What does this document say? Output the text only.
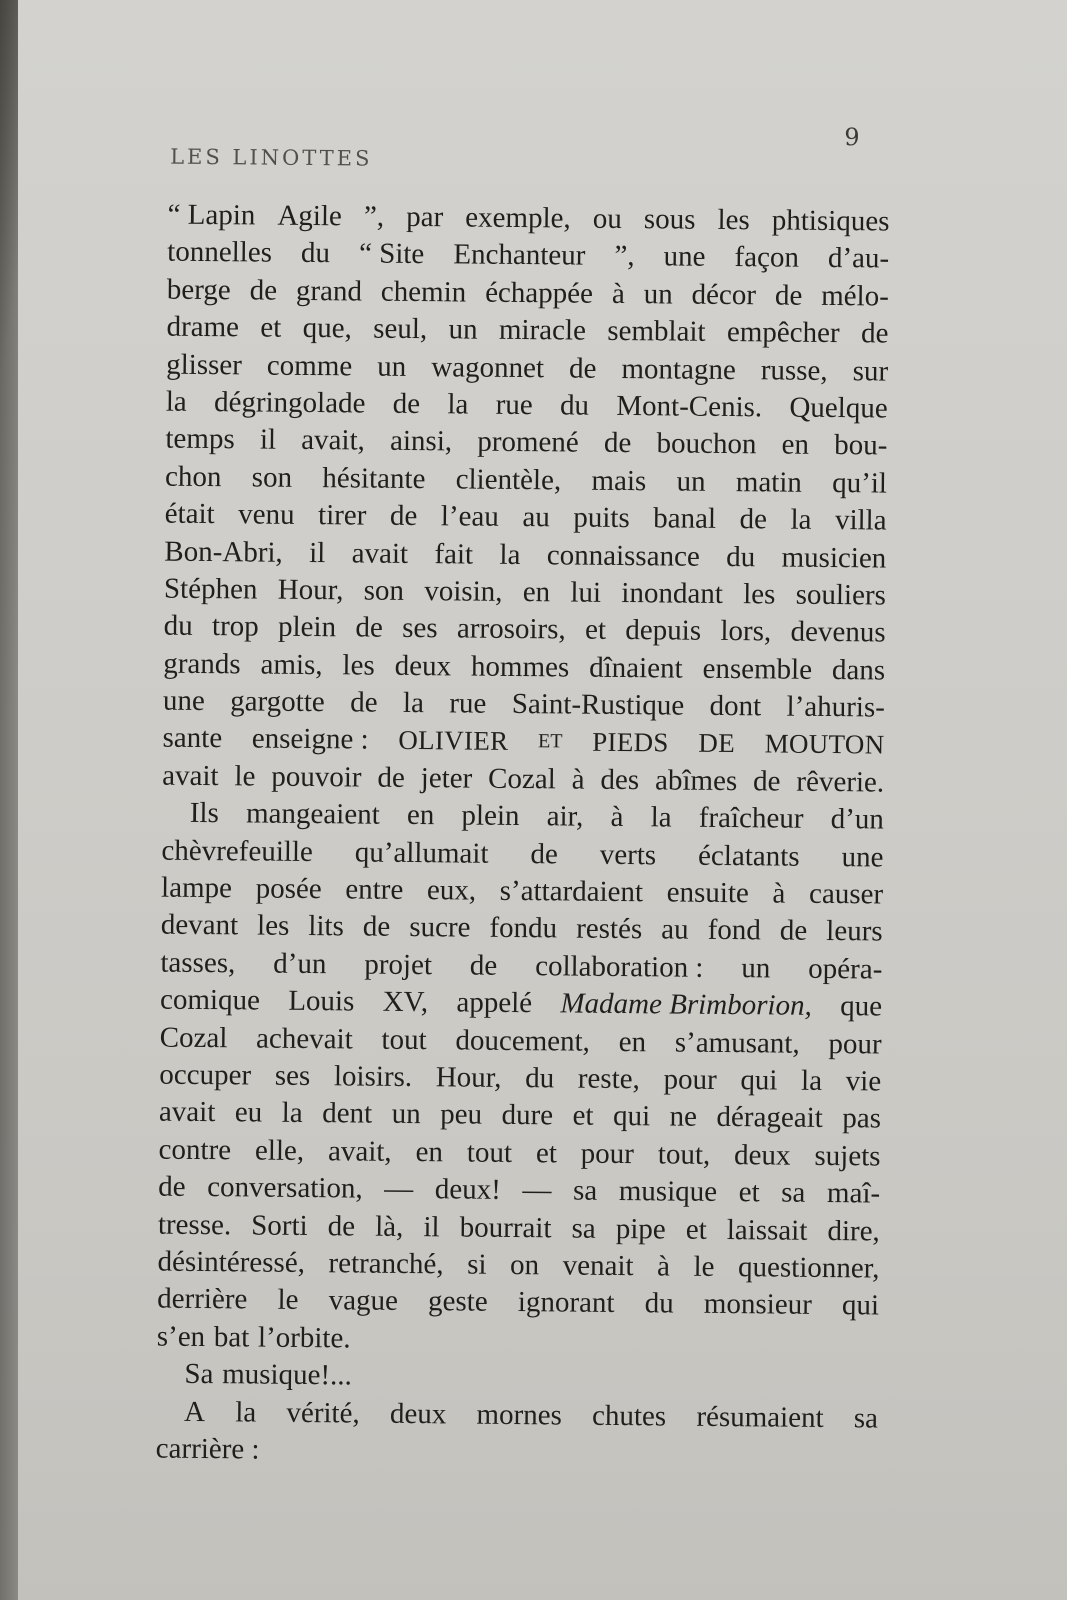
LES LINOTTES
9
“ Lapin Agile ”, par exemple, ou sous les phtisiques
tonnelles du “ Site Enchanteur ”, une façon d’au-
berge de grand chemin échappée à un décor de mélo-
drame et que, seul, un miracle semblait empêcher de
glisser comme un wagonnet de montagne russe, sur
la dégringolade de la rue du Mont-Cenis. Quelque
temps il avait, ainsi, promené de bouchon en bou-
chon son hésitante clientèle, mais un matin qu’il
était venu tirer de l’eau au puits banal de la villa
Bon-Abri, il avait fait la connaissance du musicien
Stéphen Hour, son voisin, en lui inondant les souliers
du trop plein de ses arrosoirs, et depuis lors, devenus
grands amis, les deux hommes dînaient ensemble dans
une gargotte de la rue Saint-Rustique dont l’ahuris-
sante enseigne : OLIVIER ET PIEDS DE MOUTON
avait le pouvoir de jeter Cozal à des abîmes de rêverie.
Ils mangeaient en plein air, à la fraîcheur d’un
chèvrefeuille qu’allumait de verts éclatants une
lampe posée entre eux, s’attardaient ensuite à causer
devant les lits de sucre fondu restés au fond de leurs
tasses, d’un projet de collaboration : un opéra-
comique Louis XV, appelé Madame Brimborion, que
Cozal achevait tout doucement, en s’amusant, pour
occuper ses loisirs. Hour, du reste, pour qui la vie
avait eu la dent un peu dure et qui ne dérageait pas
contre elle, avait, en tout et pour tout, deux sujets
de conversation, — deux! — sa musique et sa maî-
tresse. Sorti de là, il bourrait sa pipe et laissait dire,
désintéressé, retranché, si on venait à le questionner,
derrière le vague geste ignorant du monsieur qui
s’en bat l’orbite.
Sa musique!...
A la vérité, deux mornes chutes résumaient sa
carrière :
